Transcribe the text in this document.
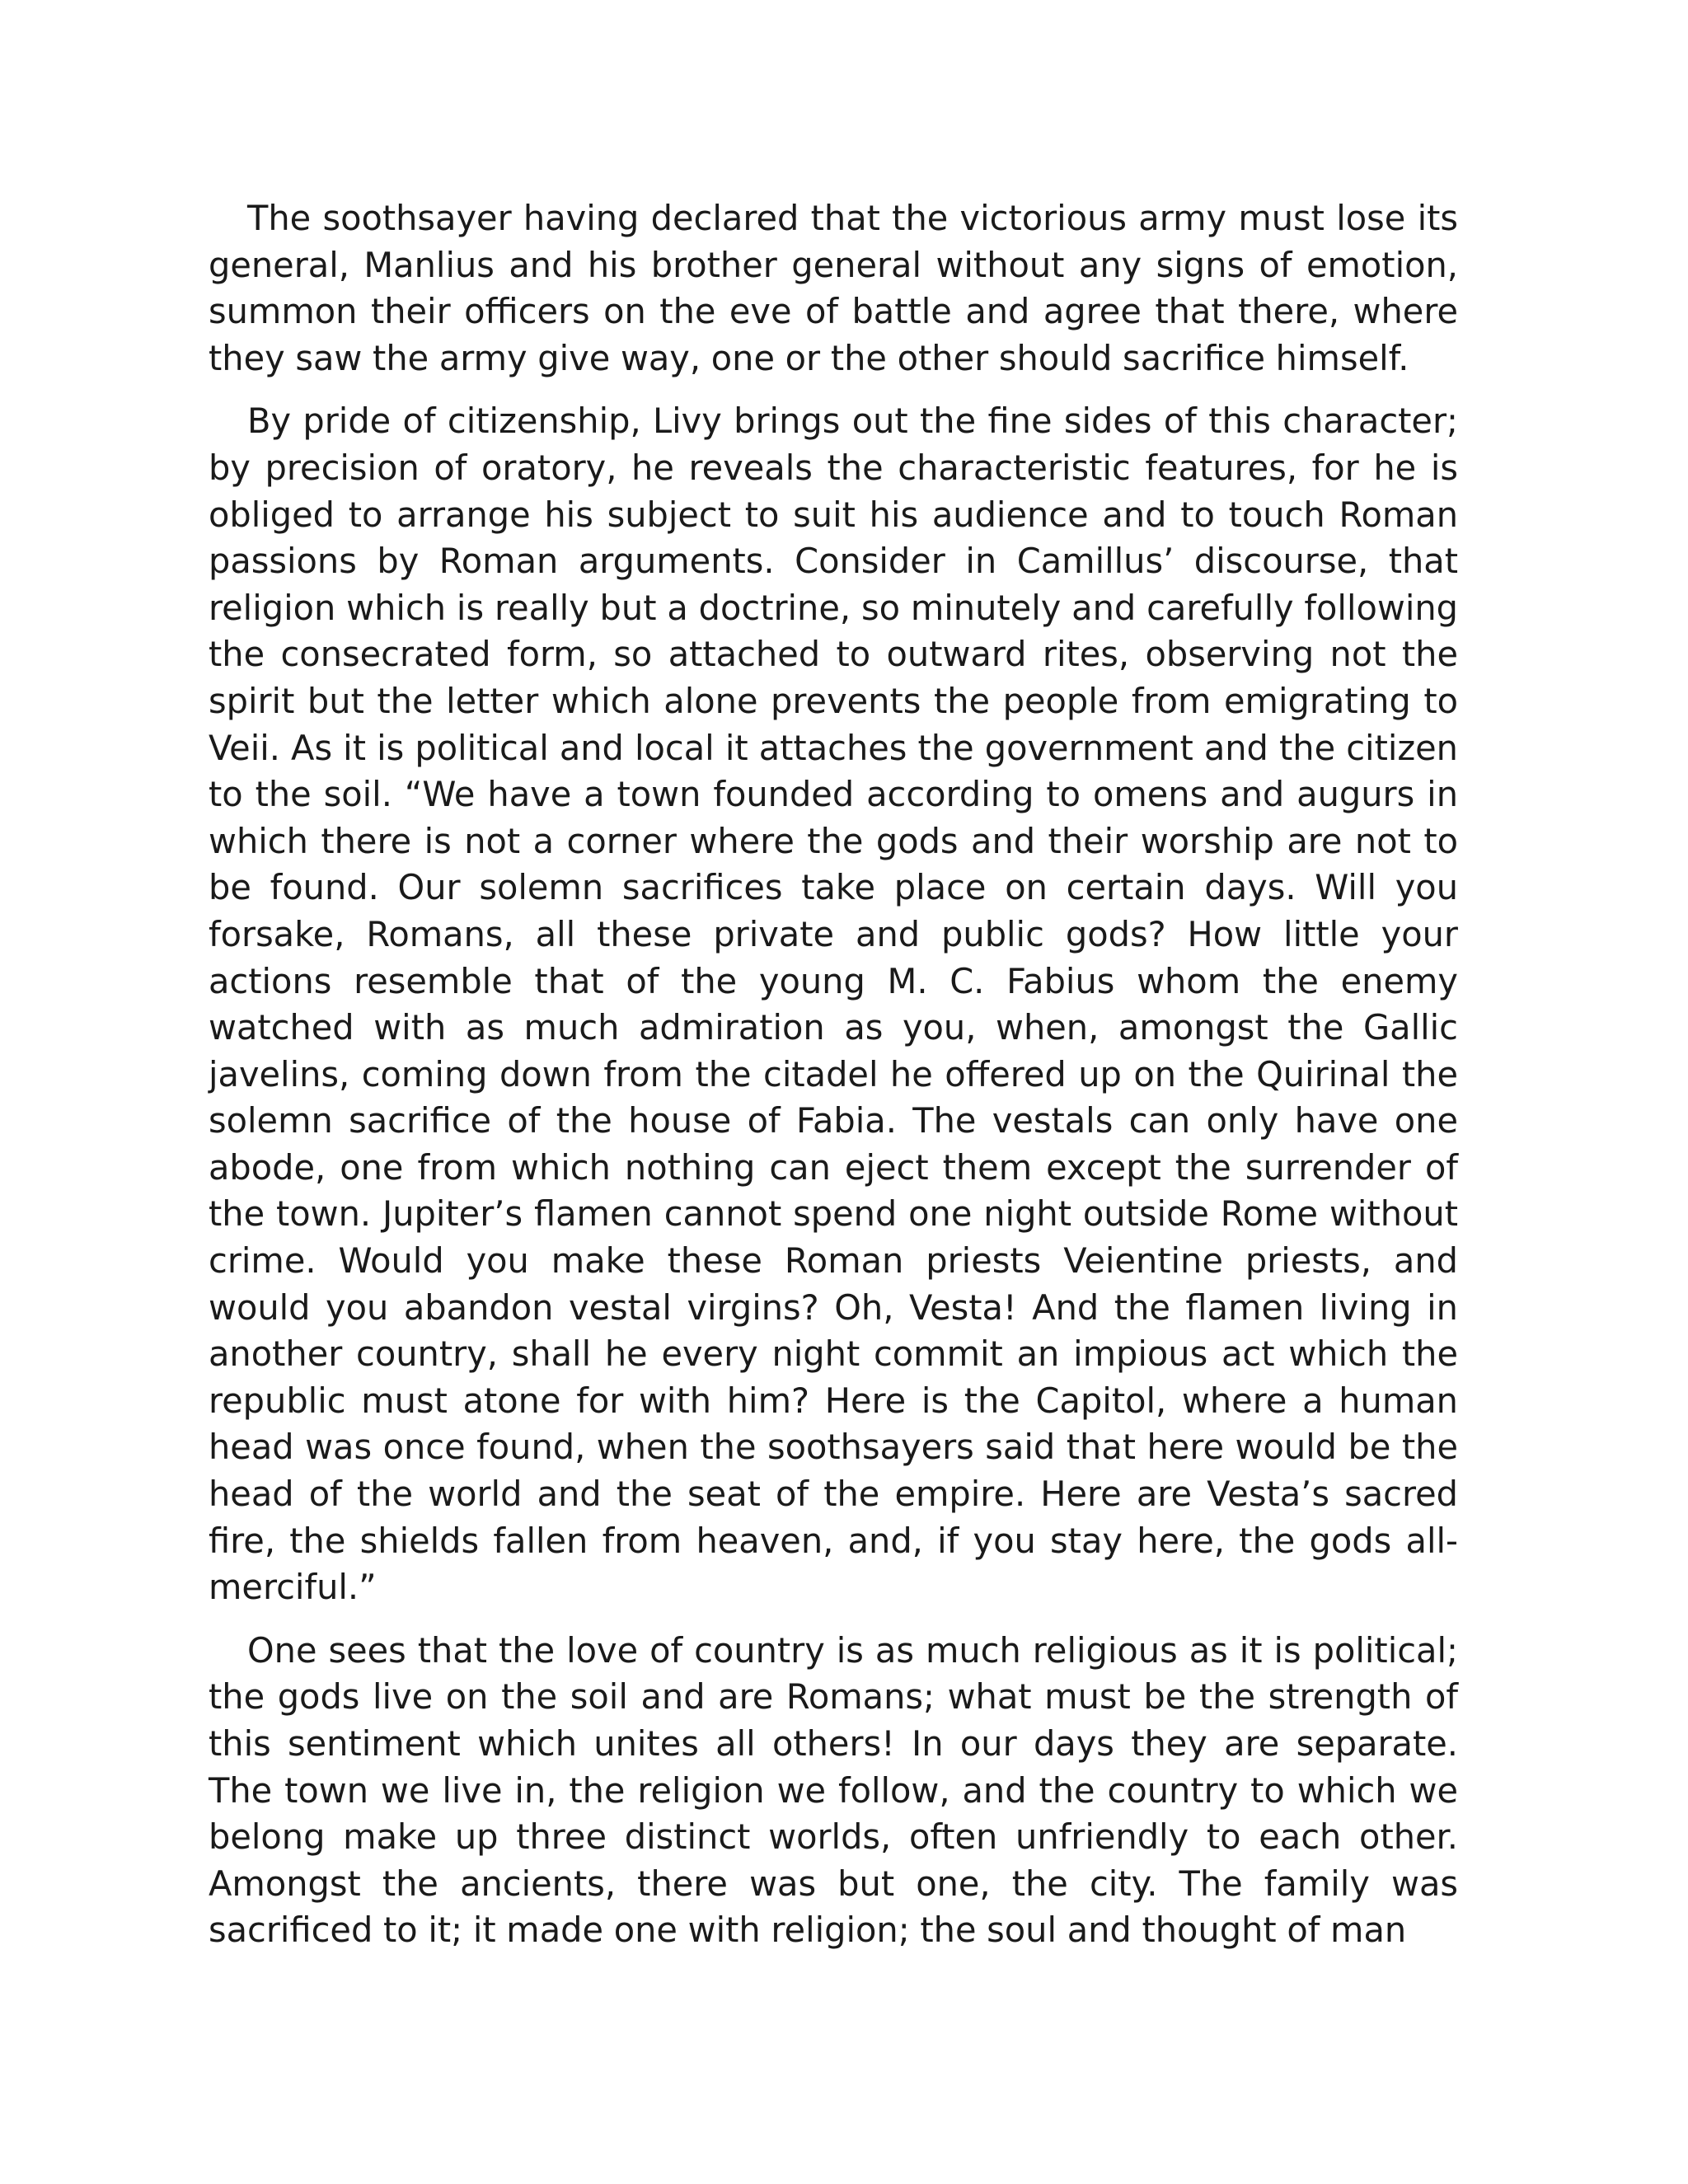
The soothsayer having declared that the victorious army must lose its general, Manlius and his brother general without any signs of emotion, summon their officers on the eve of battle and agree that there, where they saw the army give way, one or the other should sacrifice himself.

By pride of citizenship, Livy brings out the fine sides of this character; by precision of oratory, he reveals the characteristic features, for he is obliged to arrange his subject to suit his audience and to touch Roman passions by Roman arguments. Consider in Camillus’ discourse, that religion which is really but a doctrine, so minutely and carefully following the consecrated form, so attached to outward rites, observing not the spirit but the letter which alone prevents the people from emigrating to Veii. As it is political and local it attaches the government and the citizen to the soil. “We have a town founded according to omens and augurs in which there is not a corner where the gods and their worship are not to be found. Our solemn sacrifices take place on certain days. Will you forsake, Romans, all these private and public gods? How little your actions resemble that of the young M. C. Fabius whom the enemy watched with as much admiration as you, when, amongst the Gallic javelins, coming down from the citadel he offered up on the Quirinal the solemn sacrifice of the house of Fabia. The vestals can only have one abode, one from which nothing can eject them except the surrender of the town. Jupiter’s flamen cannot spend one night outside Rome without crime. Would you make these Roman priests Veientine priests, and would you abandon vestal virgins? Oh, Vesta! And the flamen living in another country, shall he every night commit an impious act which the republic must atone for with him? Here is the Capitol, where a human head was once found, when the soothsayers said that here would be the head of the world and the seat of the empire. Here are Vesta’s sacred fire, the shields fallen from heaven, and, if you stay here, the gods all-merciful.”

One sees that the love of country is as much religious as it is political; the gods live on the soil and are Romans; what must be the strength of this sentiment which unites all others! In our days they are separate. The town we live in, the religion we follow, and the country to which we belong make up three distinct worlds, often unfriendly to each other. Amongst the ancients, there was but one, the city. The family was sacrificed to it; it made one with religion; the soul and thought of man
